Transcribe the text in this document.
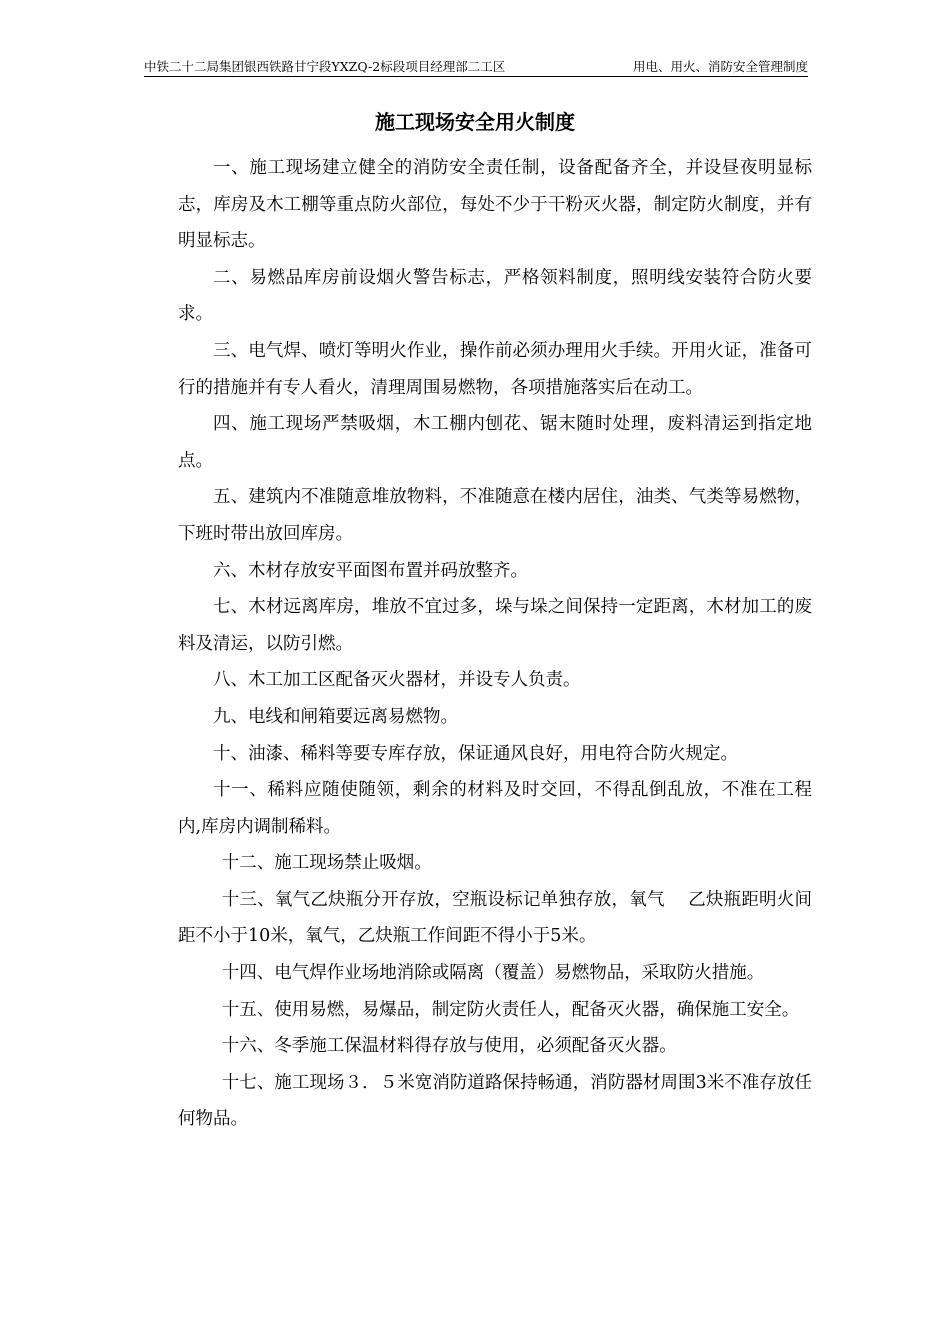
中铁二十二局集团银西铁路甘宁段YXZQ-2标段项目经理部二工区	用电、用火、消防安全管理制度
施工现场安全用火制度

一、施工现场建立健全的消防安全责任制，设备配备齐全，并设昼夜明显标志，库房及木工棚等重点防火部位，每处不少于干粉灭火器，制定防火制度，并有明显标志。

二、易燃品库房前设烟火警告标志，严格领料制度，照明线安装符合防火要求。

三、电气焊、喷灯等明火作业，操作前必须办理用火手续。开用火证，准备可行的措施并有专人看火，清理周围易燃物，各项措施落实后在动工。

四、施工现场严禁吸烟，木工棚内刨花、锯末随时处理，废料清运到指定地点。

五、建筑内不准随意堆放物料，不准随意在楼内居住，油类、气类等易燃物，下班时带出放回库房。

六、木材存放安平面图布置并码放整齐。

七、木材远离库房，堆放不宜过多，垛与垛之间保持一定距离，木材加工的废料及清运，以防引燃。

八、木工加工区配备灭火器材，并设专人负责。

九、电线和闸箱要远离易燃物。

十、油漆、稀料等要专库存放，保证通风良好，用电符合防火规定。

十一、稀料应随使随领，剩余的材料及时交回，不得乱倒乱放，不准在工程内,库房内调制稀料。

十二、施工现场禁止吸烟。

十三、氧气乙炔瓶分开存放，空瓶设标记单独存放，氧气　 乙炔瓶距明火间距不小于10米，氧气，乙炔瓶工作间距不得小于5米。

十四、电气焊作业场地消除或隔离（覆盖）易燃物品，采取防火措施。

十五、使用易燃，易爆品，制定防火责任人，配备灭火器，确保施工安全。

十六、冬季施工保温材料得存放与使用，必须配备灭火器。

十七、施工现场３．５米宽消防道路保持畅通，消防器材周围3米不准存放任何物品。
